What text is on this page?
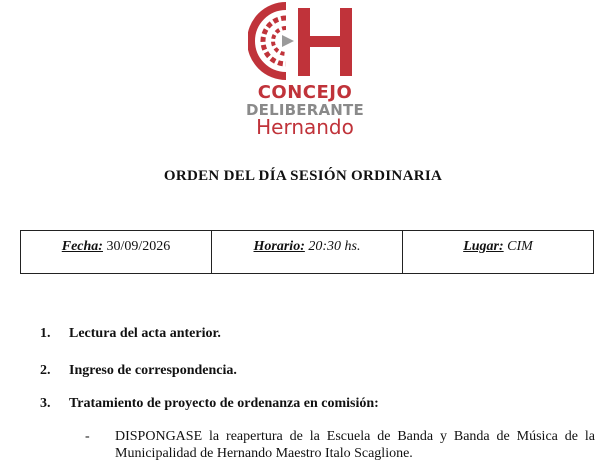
CONCEJO
DELIBERANTE
Hernando
ORDEN DEL DÍA SESIÓN ORDINARIA
Fecha: 30/09/2026	Horario: 20:30 hs.	Lugar: CIM
1. Lectura del acta anterior.
2. Ingreso de correspondencia.
3. Tratamiento de proyecto de ordenanza en comisión:
- DISPONGASE la reapertura de la Escuela de Banda y Banda de Música de la Municipalidad de Hernando Maestro Italo Scaglione.
